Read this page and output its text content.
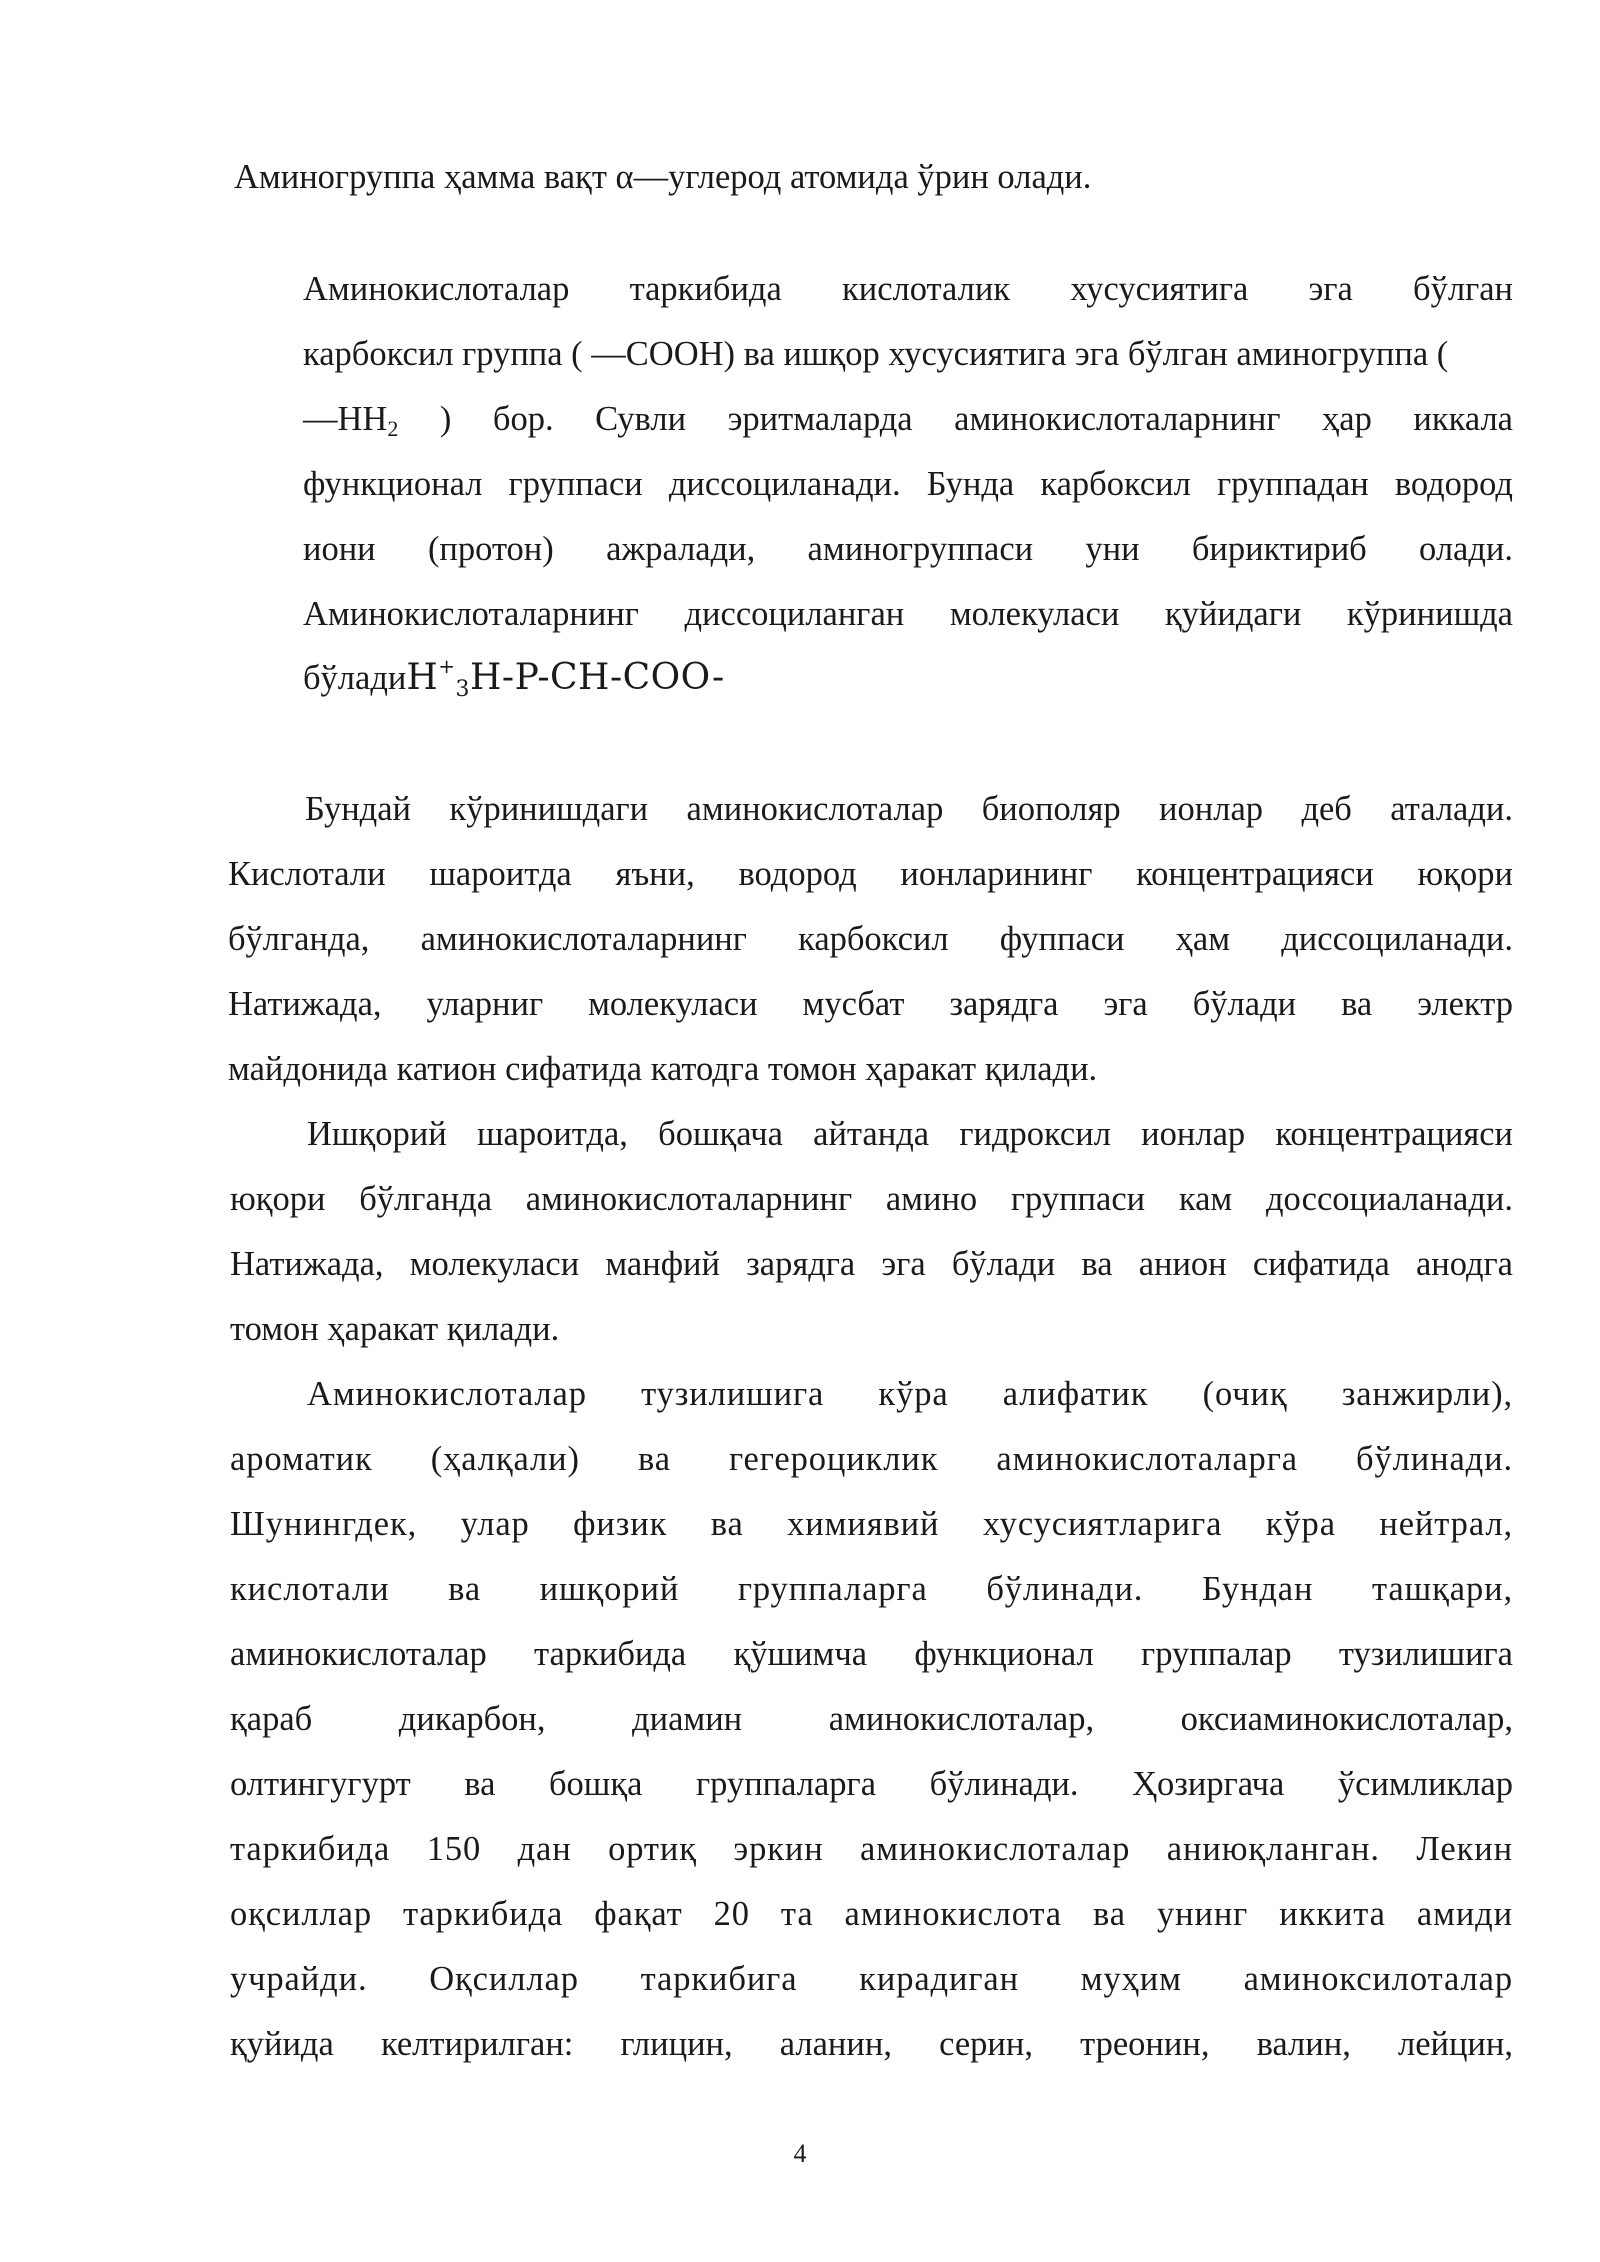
Аминогруппа ҳамма вақт α—углерод атомида ўрин олади.
Аминокислоталар таркибида кислоталик хусусиятига эга бўлган
карбоксил группа ( —СООН) ва ишқор хусусиятига эга бўлган аминогруппа (
—НН2 ) бор. Сувли эритмаларда аминокислоталарнинг ҳар иккала
функционал группаси диссоциланади. Бунда карбоксил группадан водород
иони (протон) ажралади, аминогруппаси уни бириктириб олади.
Аминокислоталарнинг диссоциланган молекуласи қуйидаги кўринишда
бўладиH+3H-P-CH-COO-
Бундай кўринишдаги аминокислоталар биополяр ионлар деб аталади.
Кислотали шароитда яъни, водород ионларининг концентрацияси юқори
бўлганда, аминокислоталарнинг карбоксил фуппаси ҳам диссоциланади.
Натижада, уларниг молекуласи мусбат зарядга эга бўлади ва электр
майдонида катион сифатида катодга томон ҳаракат қилади.
Ишқорий шароитда, бошқача айтанда гидроксил ионлар концентрацияси
юқори бўлганда аминокислоталарнинг амино группаси кам доссоциаланади.
Натижада, молекуласи манфий зарядга эга бўлади ва анион сифатида анодга
томон ҳаракат қилади.
Аминокислоталар тузилишига кўра алифатик (очиқ занжирли),
ароматик (ҳалқали) ва гегероциклик аминокислоталарга бўлинади.
Шунингдек, улар физик ва химиявий хусусиятларига кўра нейтрал,
кислотали ва ишқорий группаларга бўлинади. Бундан ташқари,
аминокислоталар таркибида қўшимча функционал группалар тузилишига
қараб дикарбон, диамин аминокислоталар, оксиаминокислоталар,
олтингугурт ва бошқа группаларга бўлинади. Ҳозиргача ўсимликлар
таркибида 150 дан ортиқ эркин аминокислоталар аниюқланган. Лекин
оқсиллар таркибида фақат 20 та аминокислота ва унинг иккита амиди
учрайди. Оқсиллар таркибига кирадиган муҳим аминоксилоталар
қуйида келтирилган: глицин, аланин, серин, треонин, валин, лейцин,
4
